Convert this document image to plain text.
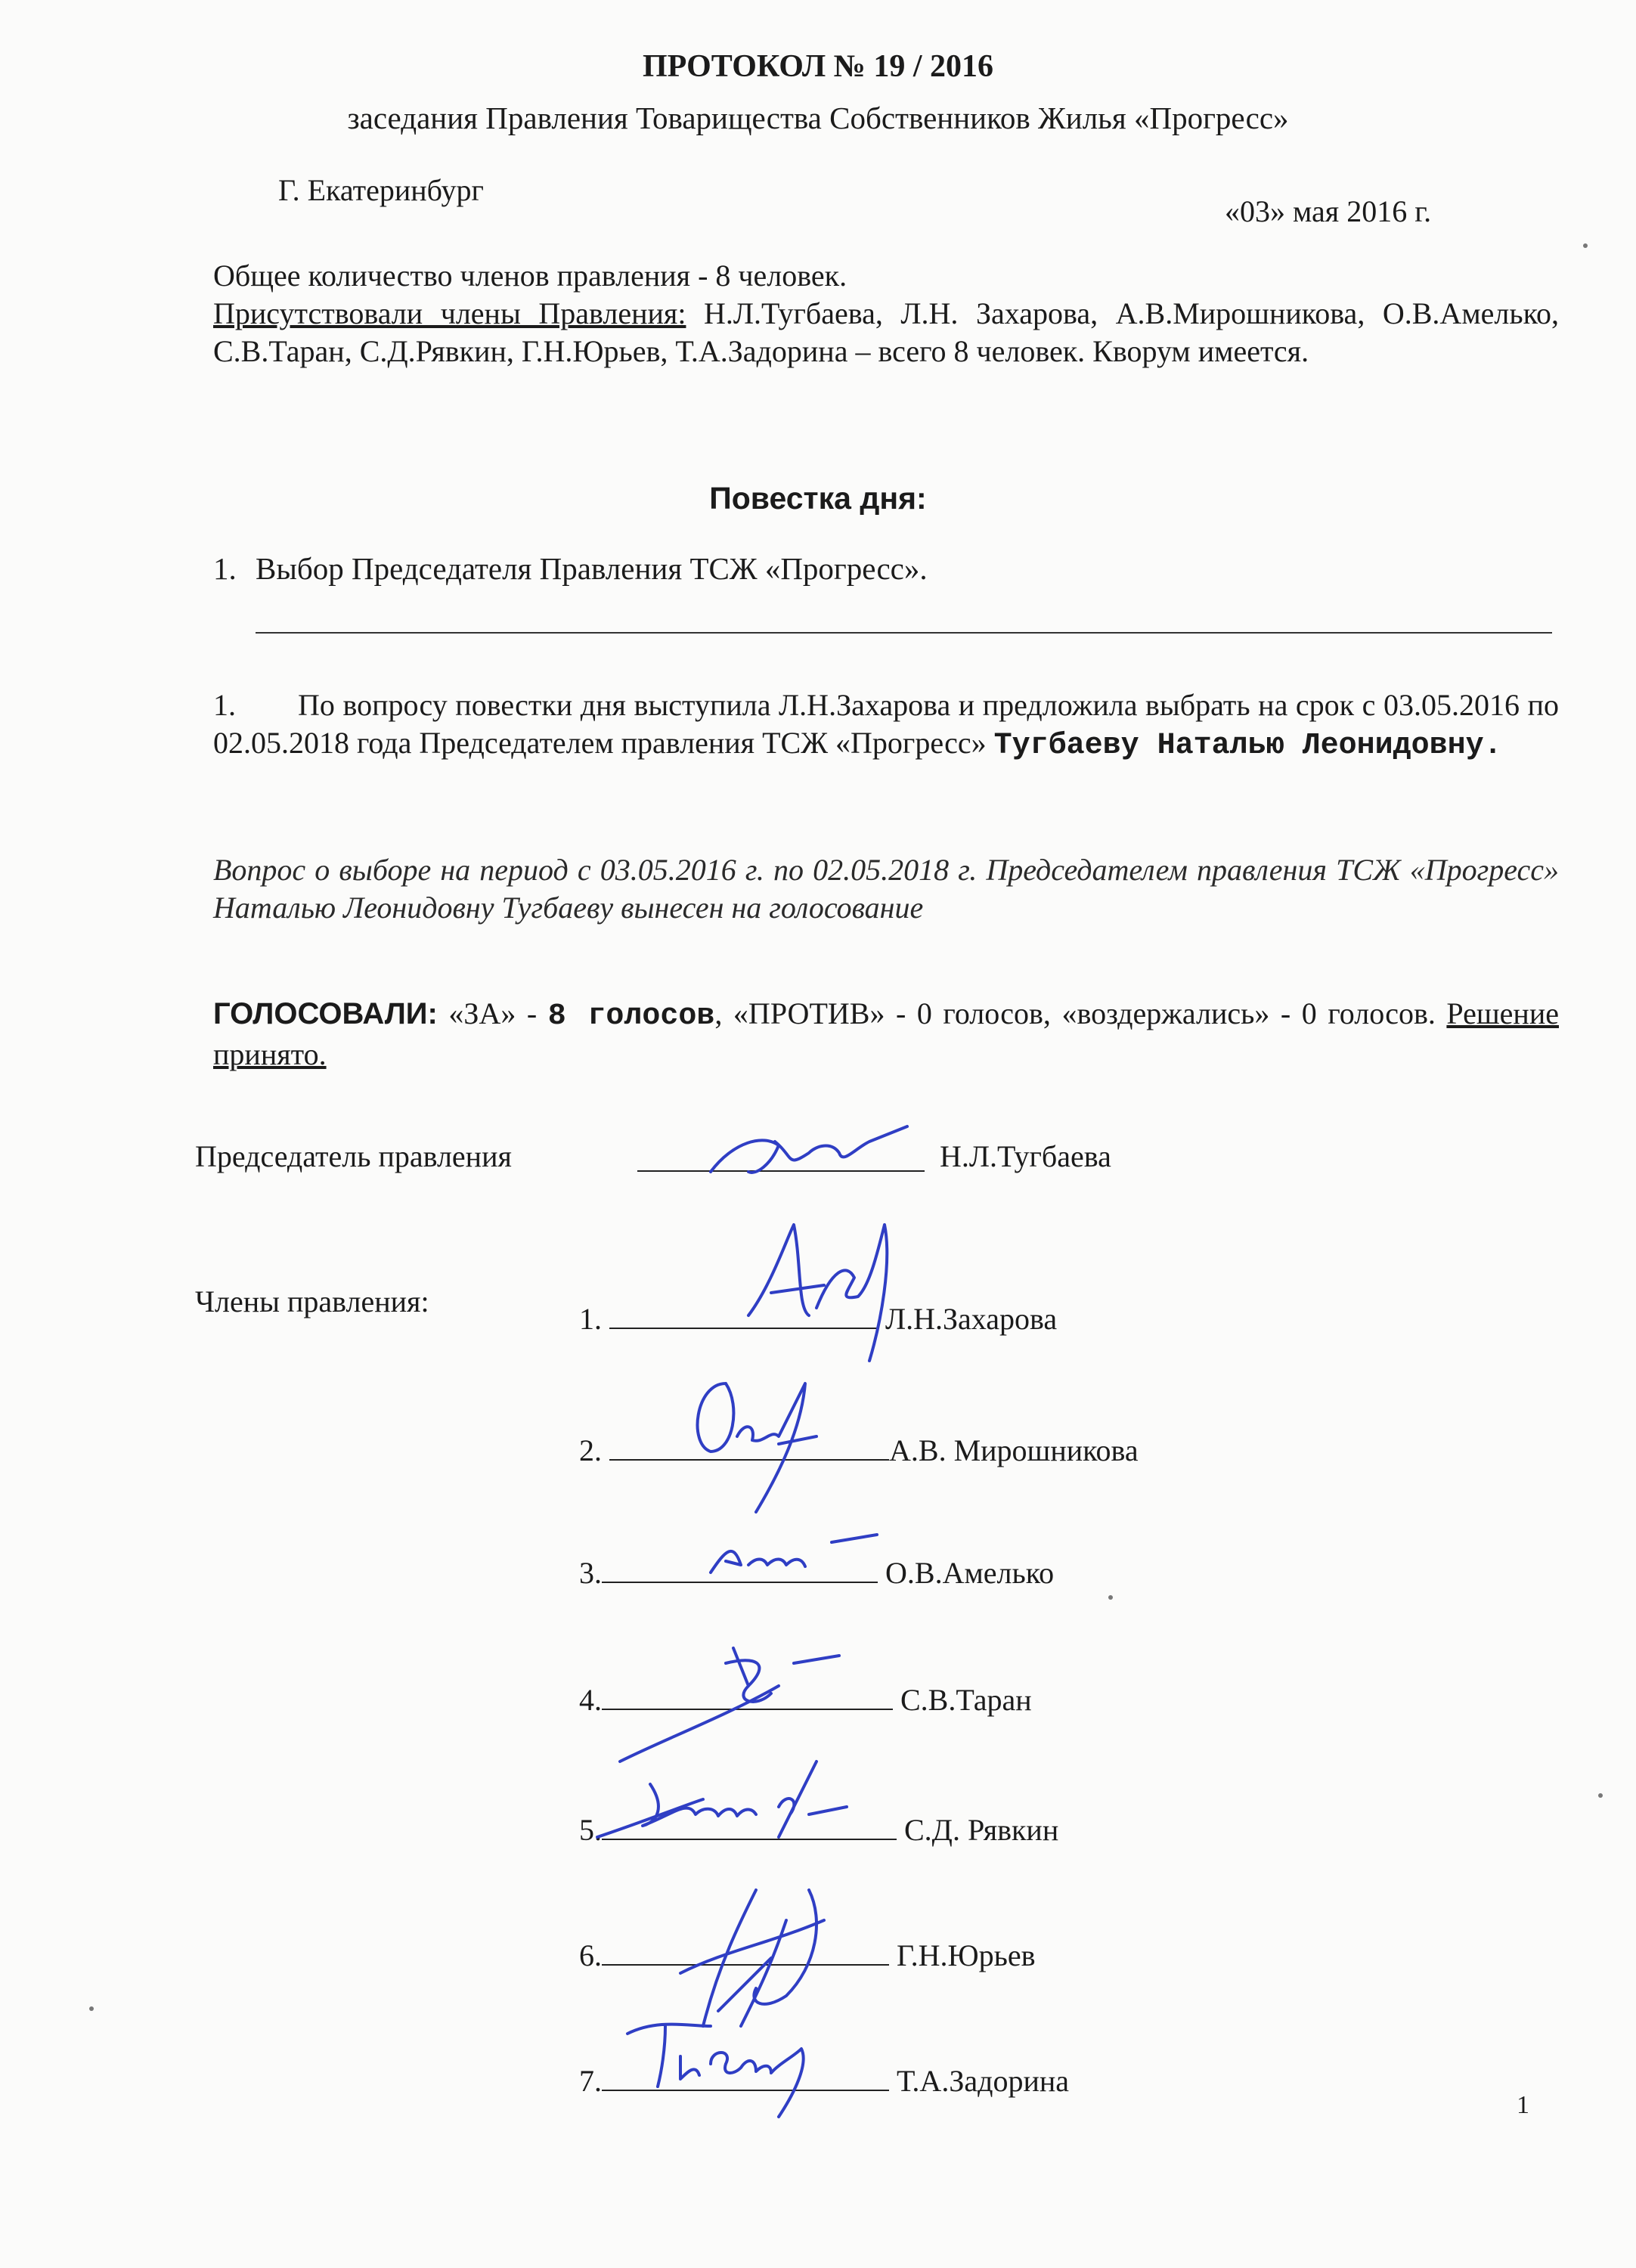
ПРОТОКОЛ № 19 / 2016
заседания Правления Товарищества Собственников Жилья «Прогресс»
Г. Екатеринбург
«03» мая 2016 г.
Общее количество членов правления - 8 человек.
Присутствовали члены Правления: Н.Л.Тугбаева, Л.Н. Захарова, А.В.Мирошникова, О.В.Амелько, С.В.Таран, С.Д.Рявкин, Г.Н.Юрьев, Т.А.Задорина – всего 8 человек. Кворум имеется.
Повестка дня:
1. Выбор Председателя Правления ТСЖ «Прогресс».
1. По вопросу повестки дня выступила Л.Н.Захарова и предложила выбрать на срок с 03.05.2016 по 02.05.2018 года Председателем правления ТСЖ «Прогресс» Тугбаеву Наталью Леонидовну.
Вопрос о выборе на период с 03.05.2016 г. по 02.05.2018 г. Председателем правления ТСЖ «Прогресс» Наталью Леонидовну Тугбаеву вынесен на голосование
ГОЛОСОВАЛИ: «ЗА» - 8 голосов, «ПРОТИВ» - 0 голосов, «воздержались» - 0 голосов. Решение принято.
Председатель правления	Н.Л.Тугбаева
Члены правления:
1.	Л.Н.Захарова
2.	А.В. Мирошникова
3.	О.В.Амелько
4.	С.В.Таран
5.	С.Д. Рявкин
6.	Г.Н.Юрьев
7.	Т.А.Задорина
1
